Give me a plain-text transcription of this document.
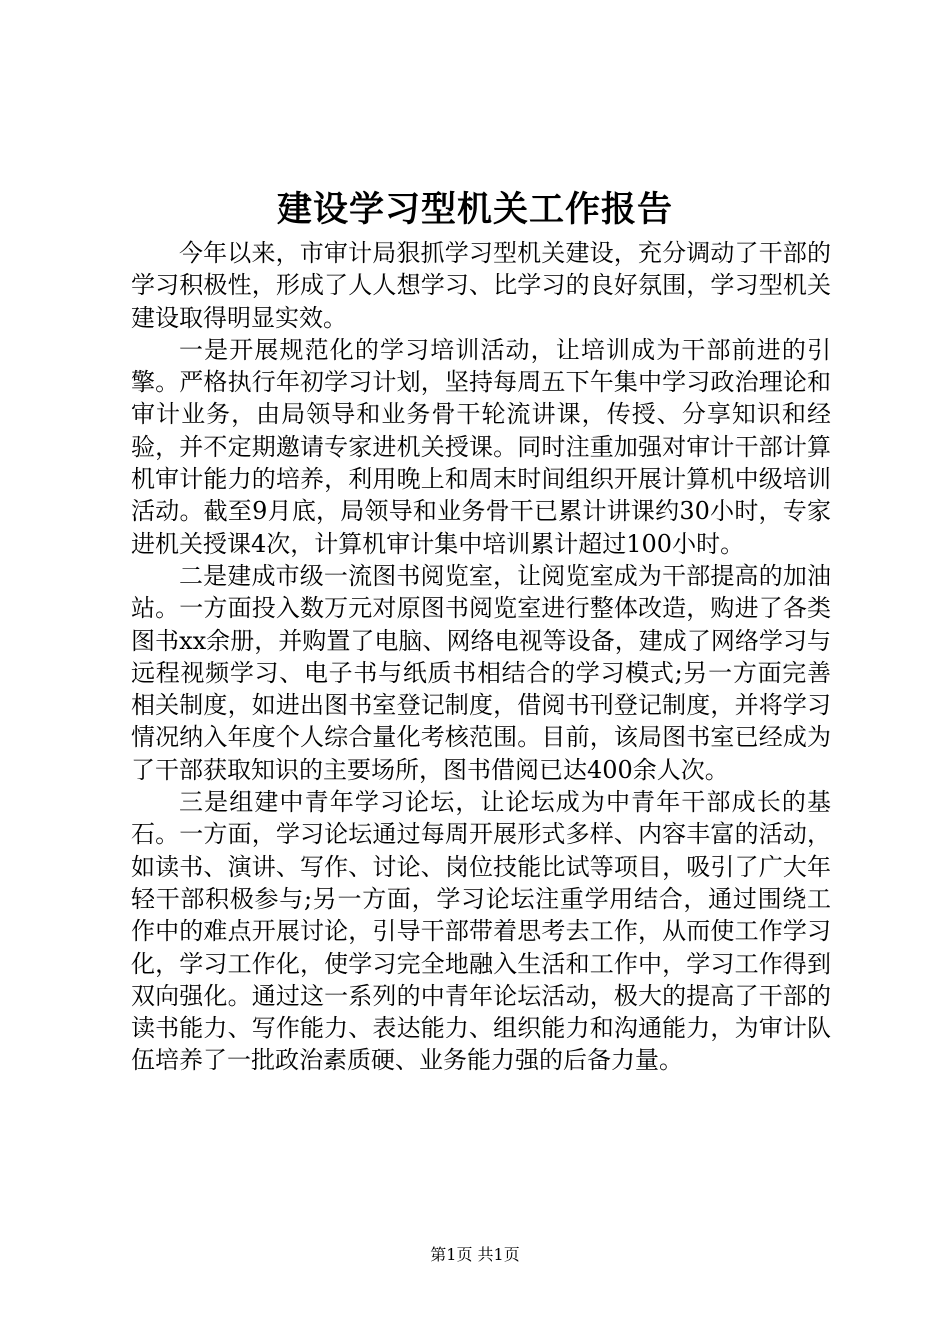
建设学习型机关工作报告

今年以来，市审计局狠抓学习型机关建设，充分调动了干部的学习积极性，形成了人人想学习、比学习的良好氛围，学习型机关建设取得明显实效。

一是开展规范化的学习培训活动，让培训成为干部前进的引擎。严格执行年初学习计划，坚持每周五下午集中学习政治理论和审计业务，由局领导和业务骨干轮流讲课，传授、分享知识和经验，并不定期邀请专家进机关授课。同时注重加强对审计干部计算机审计能力的培养，利用晚上和周末时间组织开展计算机中级培训活动。截至9月底，局领导和业务骨干已累计讲课约30小时，专家进机关授课4次，计算机审计集中培训累计超过100小时。

二是建成市级一流图书阅览室，让阅览室成为干部提高的加油站。一方面投入数万元对原图书阅览室进行整体改造，购进了各类图书xx余册，并购置了电脑、网络电视等设备，建成了网络学习与远程视频学习、电子书与纸质书相结合的学习模式;另一方面完善相关制度，如进出图书室登记制度，借阅书刊登记制度，并将学习情况纳入年度个人综合量化考核范围。目前，该局图书室已经成为了干部获取知识的主要场所，图书借阅已达400余人次。

三是组建中青年学习论坛，让论坛成为中青年干部成长的基石。一方面，学习论坛通过每周开展形式多样、内容丰富的活动，如读书、演讲、写作、讨论、岗位技能比试等项目，吸引了广大年轻干部积极参与;另一方面，学习论坛注重学用结合，通过围绕工作中的难点开展讨论，引导干部带着思考去工作，从而使工作学习化，学习工作化，使学习完全地融入生活和工作中，学习工作得到双向强化。通过这一系列的中青年论坛活动，极大的提高了干部的读书能力、写作能力、表达能力、组织能力和沟通能力，为审计队伍培养了一批政治素质硬、业务能力强的后备力量。

第1页 共1页
